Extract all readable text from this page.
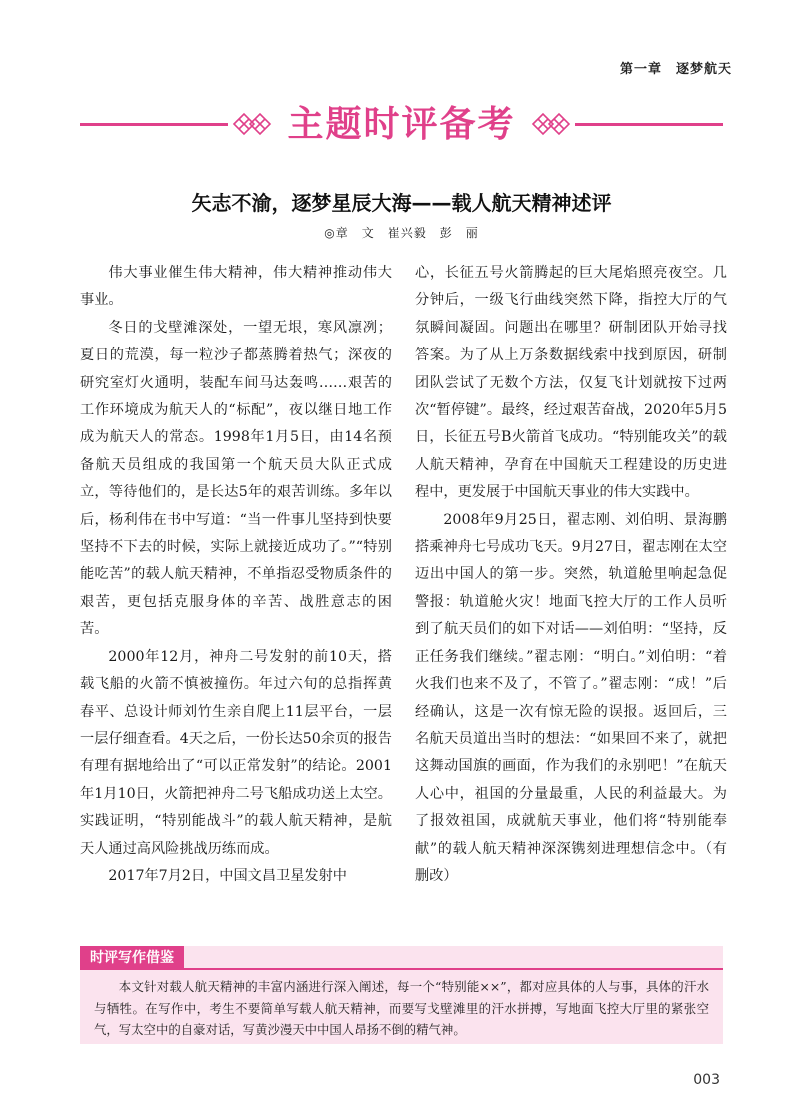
第一章　逐梦航天
主题时评备考
矢志不渝，逐梦星辰大海——载人航天精神述评
◎章　文　崔兴毅　彭　丽

伟大事业催生伟大精神，伟大精神推动伟大事业。

冬日的戈壁滩深处，一望无垠，寒风凛冽；夏日的荒漠，每一粒沙子都蒸腾着热气；深夜的研究室灯火通明，装配车间马达轰鸣……艰苦的工作环境成为航天人的“标配”，夜以继日地工作成为航天人的常态。1998年1月5日，由14名预备航天员组成的我国第一个航天员大队正式成立，等待他们的，是长达5年的艰苦训练。多年以后，杨利伟在书中写道：“当一件事儿坚持到快要坚持不下去的时候，实际上就接近成功了。”“特别能吃苦”的载人航天精神，不单指忍受物质条件的艰苦，更包括克服身体的辛苦、战胜意志的困苦。

2000年12月，神舟二号发射的前10天，搭载飞船的火箭不慎被撞伤。年过六旬的总指挥黄春平、总设计师刘竹生亲自爬上11层平台，一层一层仔细查看。4天之后，一份长达50余页的报告有理有据地给出了“可以正常发射”的结论。2001年1月10日，火箭把神舟二号飞船成功送上太空。实践证明，“特别能战斗”的载人航天精神，是航天人通过高风险挑战历练而成。

2017年7月2日，中国文昌卫星发射中

心，长征五号火箭腾起的巨大尾焰照亮夜空。几分钟后，一级飞行曲线突然下降，指控大厅的气氛瞬间凝固。问题出在哪里？研制团队开始寻找答案。为了从上万条数据线索中找到原因，研制团队尝试了无数个方法，仅复飞计划就按下过两次“暂停键”。最终，经过艰苦奋战，2020年5月5日，长征五号B火箭首飞成功。“特别能攻关”的载人航天精神，孕育在中国航天工程建设的历史进程中，更发展于中国航天事业的伟大实践中。

2008年9月25日，翟志刚、刘伯明、景海鹏搭乘神舟七号成功飞天。9月27日，翟志刚在太空迈出中国人的第一步。突然，轨道舱里响起急促警报：轨道舱火灾！地面飞控大厅的工作人员听到了航天员们的如下对话——刘伯明：“坚持，反正任务我们继续。”翟志刚：“明白。”刘伯明：“着火我们也来不及了，不管了。”翟志刚：“成！”后经确认，这是一次有惊无险的误报。返回后，三名航天员道出当时的想法：“如果回不来了，就把这舞动国旗的画面，作为我们的永别吧！”在航天人心中，祖国的分量最重，人民的利益最大。为了报效祖国，成就航天事业，他们将“特别能奉献”的载人航天精神深深镌刻进理想信念中。（有删改）

时评写作借鉴
本文针对载人航天精神的丰富内涵进行深入阐述，每一个“特别能××”，都对应具体的人与事，具体的汗水与牺牲。在写作中，考生不要简单写载人航天精神，而要写戈壁滩里的汗水拼搏，写地面飞控大厅里的紧张空气，写太空中的自豪对话，写黄沙漫天中中国人昂扬不倒的精气神。
003
